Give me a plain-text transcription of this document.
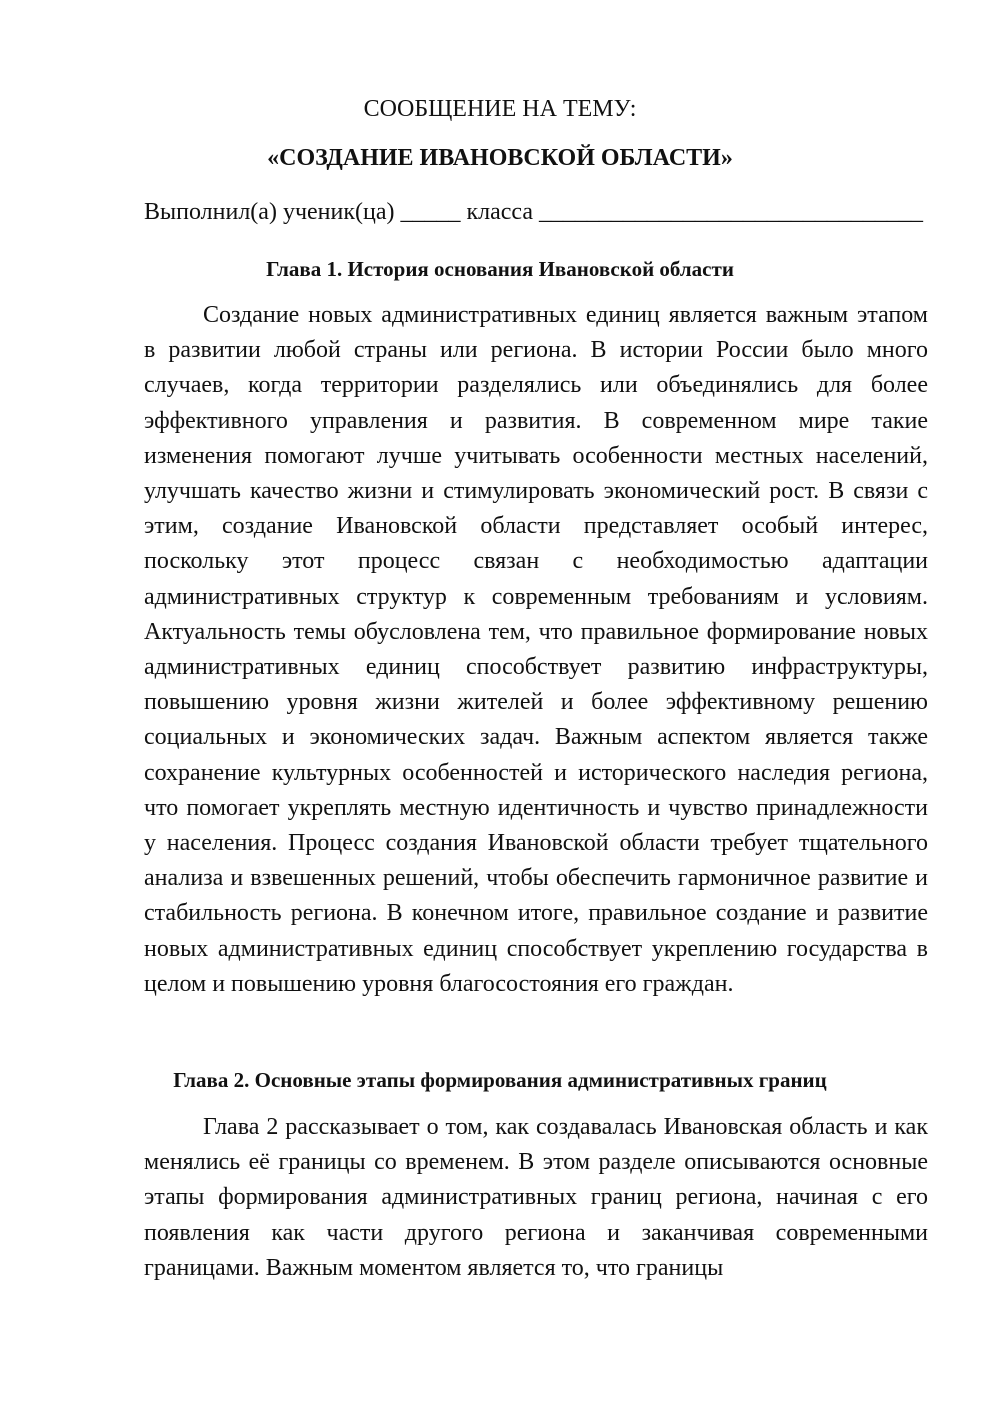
СООБЩЕНИЕ НА ТЕМУ:
«СОЗДАНИЕ ИВАНОВСКОЙ ОБЛАСТИ»
Выполнил(а) ученик(ца) _____ класса ________________________________
Глава 1. История основания Ивановской области
Создание новых административных единиц является важным этапом в развитии любой страны или региона. В истории России было много случаев, когда территории разделялись или объединялись для более эффективного управления и развития. В современном мире такие изменения помогают лучше учитывать особенности местных населений, улучшать качество жизни и стимулировать экономический рост. В связи с этим, создание Ивановской области представляет особый интерес, поскольку этот процесс связан с необходимостью адаптации административных структур к современным требованиям и условиям. Актуальность темы обусловлена тем, что правильное формирование новых административных единиц способствует развитию инфраструктуры, повышению уровня жизни жителей и более эффективному решению социальных и экономических задач. Важным аспектом является также сохранение культурных особенностей и исторического наследия региона, что помогает укреплять местную идентичность и чувство принадлежности у населения. Процесс создания Ивановской области требует тщательного анализа и взвешенных решений, чтобы обеспечить гармоничное развитие и стабильность региона. В конечном итоге, правильное создание и развитие новых административных единиц способствует укреплению государства в целом и повышению уровня благосостояния его граждан.
Глава 2. Основные этапы формирования административных границ
Глава 2 рассказывает о том, как создавалась Ивановская область и как менялись её границы со временем. В этом разделе описываются основные этапы формирования административных границ региона, начиная с его появления как части другого региона и заканчивая современными границами. Важным моментом является то, что границы
